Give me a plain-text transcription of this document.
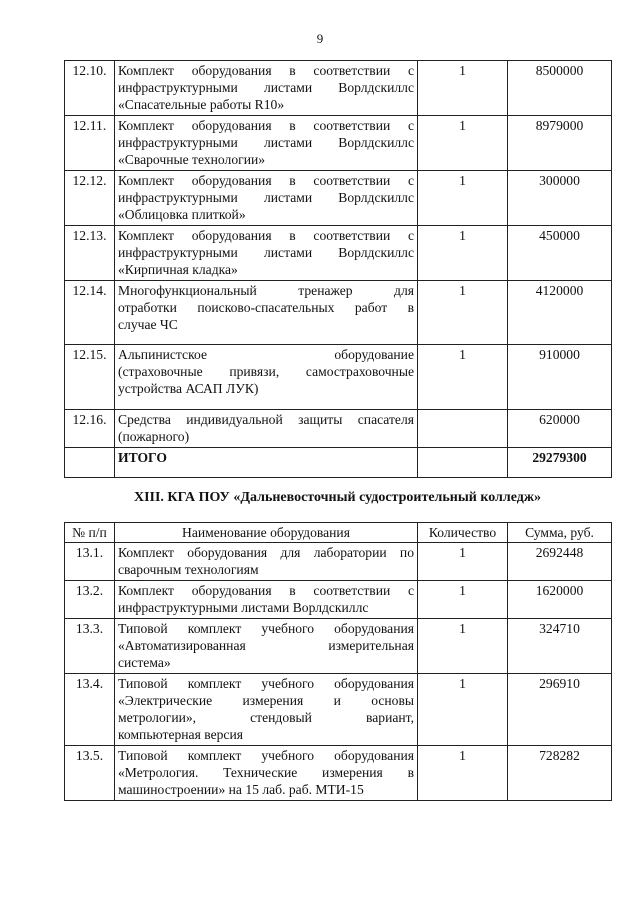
9
12.10.	Комплект оборудования в соответствии с
инфраструктурными листами Ворлдскиллс
«Спасательные работы R10»	1	8500000
12.11.	Комплект оборудования в соответствии с
инфраструктурными листами Ворлдскиллс
«Сварочные технологии»	1	8979000
12.12.	Комплект оборудования в соответствии с
инфраструктурными листами Ворлдскиллс
«Облицовка плиткой»	1	300000
12.13.	Комплект оборудования в соответствии с
инфраструктурными листами Ворлдскиллс
«Кирпичная кладка»	1	450000
12.14.	Многофункциональный тренажер для
отработки поисково-спасательных работ в
случае ЧС	1	4120000
12.15.	Альпинистское оборудование
(страховочные привязи, самостраховочные
устройства АСАП ЛУК)	1	910000
12.16.	Средства индивидуальной защиты спасателя
(пожарного)		620000
	ИТОГО		29279300
XIII. КГА ПОУ «Дальневосточный судостроительный колледж»
№ п/п	Наименование оборудования	Количество	Сумма, руб.
13.1.	Комплект оборудования для лаборатории по
сварочным технологиям	1	2692448
13.2.	Комплект оборудования в соответствии с
инфраструктурными листами Ворлдскиллс	1	1620000
13.3.	Типовой комплект учебного оборудования
«Автоматизированная измерительная
система»	1	324710
13.4.	Типовой комплект учебного оборудования
«Электрические измерения и основы
метрологии», стендовый вариант,
компьютерная версия	1	296910
13.5.	Типовой комплект учебного оборудования
«Метрология. Технические измерения в
машиностроении» на 15 лаб. раб. МТИ-15	1	728282
